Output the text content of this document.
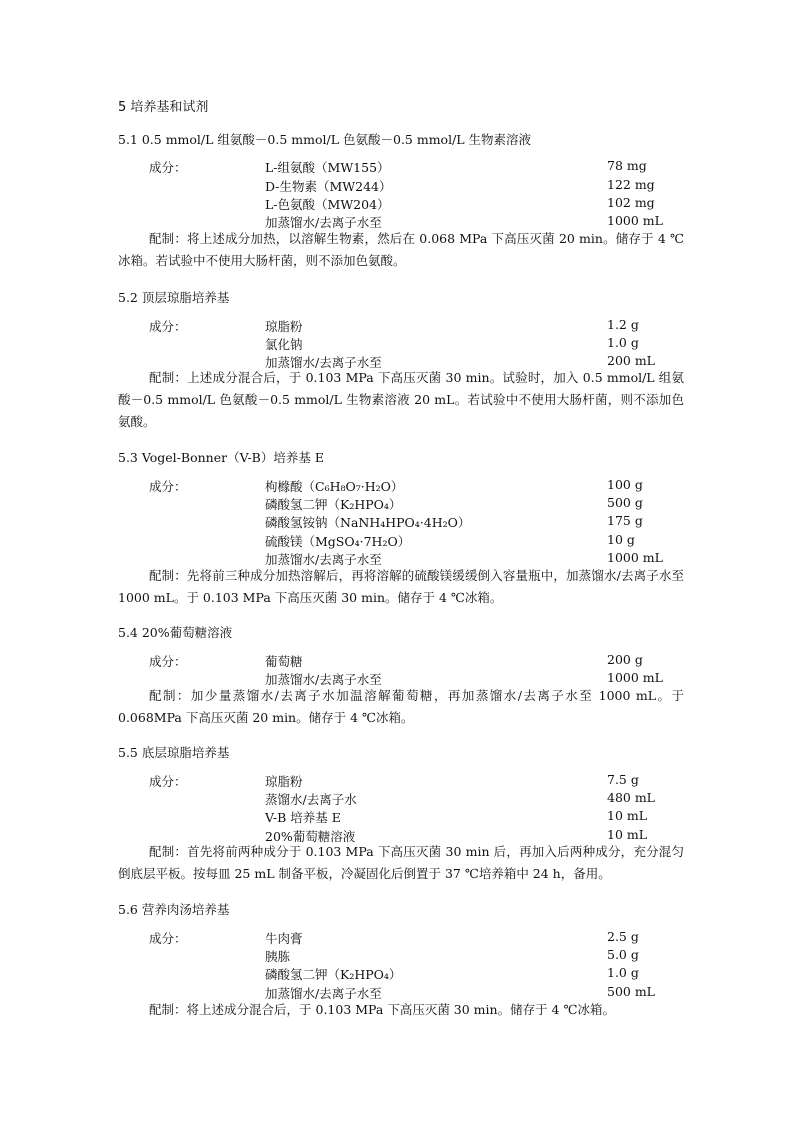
5 培养基和试剂
5.1 0.5 mmol/L 组氨酸－0.5 mmol/L 色氨酸－0.5 mmol/L 生物素溶液
成分：	L-组氨酸（MW155）	78 mg
D-生物素（MW244）	122 mg
L-色氨酸（MW204）	102 mg
加蒸馏水/去离子水至	1000 mL

配制：将上述成分加热，以溶解生物素，然后在 0.068 MPa 下高压灭菌 20 min。储存于 4 ℃冰箱。若试验中不使用大肠杆菌，则不添加色氨酸。

5.2 顶层琼脂培养基
成分：	琼脂粉	1.2 g
氯化钠	1.0 g
加蒸馏水/去离子水至	200 mL

配制：上述成分混合后，于 0.103 MPa 下高压灭菌 30 min。试验时，加入 0.5 mmol/L 组氨酸－0.5 mmol/L 色氨酸－0.5 mmol/L 生物素溶液 20 mL。若试验中不使用大肠杆菌，则不添加色氨酸。

5.3 Vogel-Bonner（V-B）培养基 E
成分：	枸橼酸（C₆H₈O₇·H₂O）	100 g
磷酸氢二钾（K₂HPO₄）	500 g
磷酸氢铵钠（NaNH₄HPO₄·4H₂O）	175 g
硫酸镁（MgSO₄·7H₂O）	10 g
加蒸馏水/去离子水至	1000 mL

配制：先将前三种成分加热溶解后，再将溶解的硫酸镁缓缓倒入容量瓶中，加蒸馏水/去离子水至 1000 mL。于 0.103 MPa 下高压灭菌 30 min。储存于 4 ℃冰箱。

5.4 20%葡萄糖溶液
成分：	葡萄糖	200 g
加蒸馏水/去离子水至	1000 mL

配制：加少量蒸馏水/去离子水加温溶解葡萄糖，再加蒸馏水/去离子水至 1000 mL。于 0.068MPa 下高压灭菌 20 min。储存于 4 ℃冰箱。

5.5 底层琼脂培养基
成分：	琼脂粉	7.5 g
蒸馏水/去离子水	480 mL
V-B 培养基 E	10 mL
20%葡萄糖溶液	10 mL

配制：首先将前两种成分于 0.103 MPa 下高压灭菌 30 min 后，再加入后两种成分，充分混匀倒底层平板。按每皿 25 mL 制备平板，冷凝固化后倒置于 37 ℃培养箱中 24 h，备用。

5.6 营养肉汤培养基
成分：	牛肉膏	2.5 g
胰胨	5.0 g
磷酸氢二钾（K₂HPO₄）	1.0 g
加蒸馏水/去离子水至	500 mL

配制：将上述成分混合后，于 0.103 MPa 下高压灭菌 30 min。储存于 4 ℃冰箱。
